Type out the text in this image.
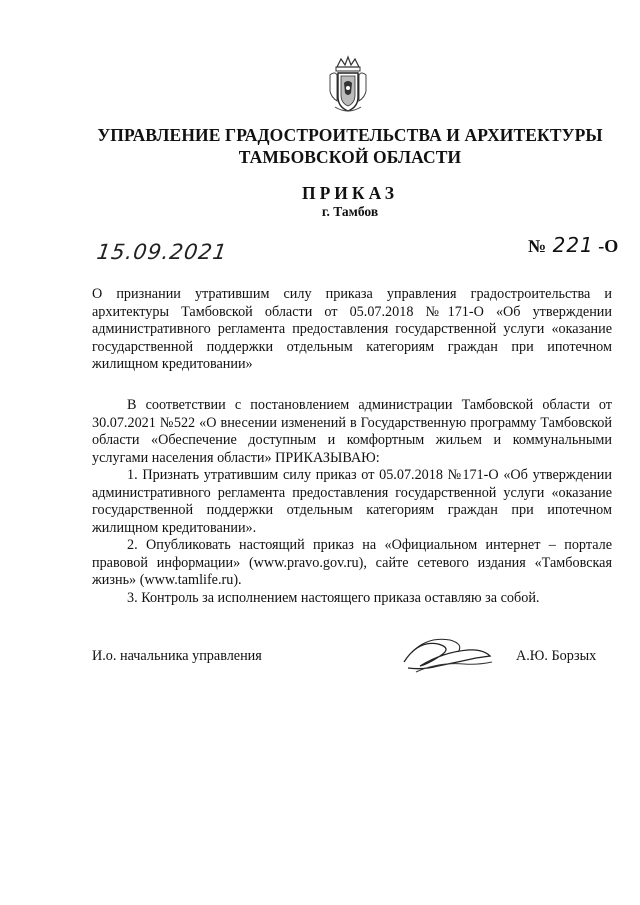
УПРАВЛЕНИЕ ГРАДОСТРОИТЕЛЬСТВА И АРХИТЕКТУРЫ
ТАМБОВСКОЙ ОБЛАСТИ
ПРИКАЗ
г. Тамбов
15.09.2021	№ 221 -О
О признании утратившим силу приказа управления градостроительства и архитектуры Тамбовской области от 05.07.2018 №171-О «Об утверждении административного регламента предоставления государственной услуги «оказание государственной поддержки отдельным категориям граждан при ипотечном жилищном кредитовании»

В соответствии с постановлением администрации Тамбовской области от 30.07.2021 №522 «О внесении изменений в Государственную программу Тамбовской области «Обеспечение доступным и комфортным жильем и коммунальными услугами населения области» ПРИКАЗЫВАЮ:

1. Признать утратившим силу приказ от 05.07.2018 №171-О «Об утверждении административного регламента предоставления государственной услуги «оказание государственной поддержки отдельным категориям граждан при ипотечном жилищном кредитовании».

2. Опубликовать настоящий приказ на «Официальном интернет – портале правовой информации» (www.pravo.gov.ru), сайте сетевого издания «Тамбовская жизнь» (www.tamlife.ru).

3. Контроль за исполнением настоящего приказа оставляю за собой.

И.о. начальника управления	А.Ю. Борзых
